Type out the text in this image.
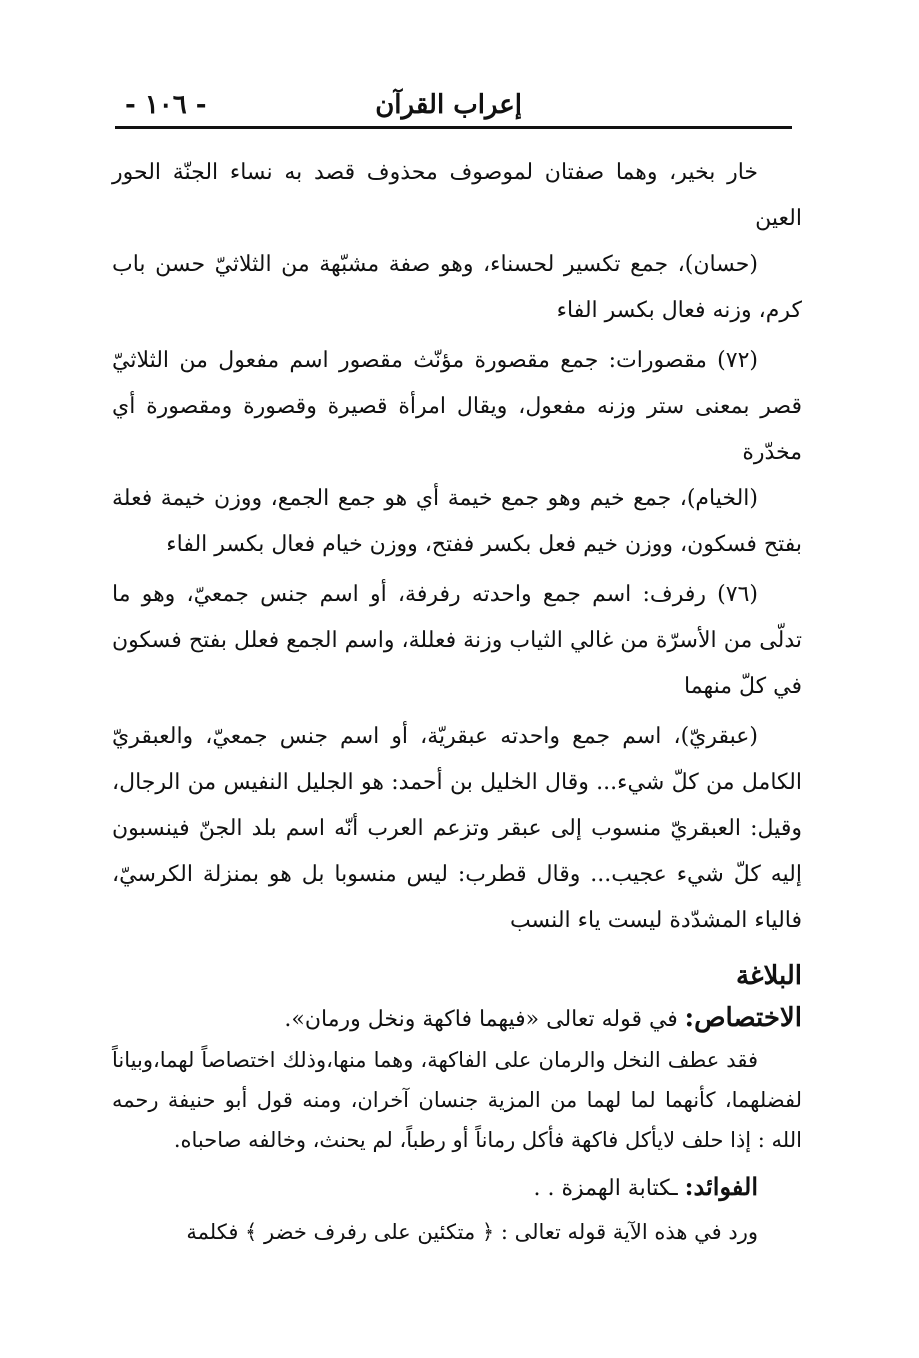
إعراب القرآن
- ١٠٦ -

خار بخير، وهما صفتان لموصوف محذوف قصد به نساء الجنّة الحور العين

(حسان)، جمع تكسير لحسناء، وهو صفة مشبّهة من الثلاثيّ حسن باب كرم، وزنه فعال بكسر الفاء

(٧٢) مقصورات: جمع مقصورة مؤنّث مقصور اسم مفعول من الثلاثيّ قصر بمعنى ستر وزنه مفعول، ويقال امرأة قصيرة وقصورة ومقصورة أي مخدّرة

(الخيام)، جمع خيم وهو جمع خيمة أي هو جمع الجمع، ووزن خيمة فعلة بفتح فسكون، ووزن خيم فعل بكسر ففتح، ووزن خيام فعال بكسر الفاء

(٧٦) رفرف: اسم جمع واحدته رفرفة، أو اسم جنس جمعيّ، وهو ما تدلّى من الأسرّة من غالي الثياب وزنة فعللة، واسم الجمع فعلل بفتح فسكون في كلّ منهما

(عبقريّ)، اسم جمع واحدته عبقريّة، أو اسم جنس جمعيّ، والعبقريّ الكامل من كلّ شيء... وقال الخليل بن أحمد: هو الجليل النفيس من الرجال، وقيل: العبقريّ منسوب إلى عبقر وتزعم العرب أنّه اسم بلد الجنّ فينسبون إليه كلّ شيء عجيب... وقال قطرب: ليس منسوبا بل هو بمنزلة الكرسيّ، فالياء المشدّدة ليست ياء النسب

البلاغة

الاختصاص: في قوله تعالى «فيهما فاكهة ونخل ورمان».

فقد عطف النخل والرمان على الفاكهة، وهما منها،وذلك اختصاصاً لهما،وبياناً لفضلهما، كأنهما لما لهما من المزية جنسان آخران، ومنه قول أبو حنيفة رحمه الله : إذا حلف لايأكل فاكهة فأكل رماناً أو رطباً، لم يحنث، وخالفه صاحباه.

الفوائد: ـكتابة الهمزة . .

ورد في هذه الآية قوله تعالى : ﴿ متكئين على رفرف خضر ﴾ فكلمة
